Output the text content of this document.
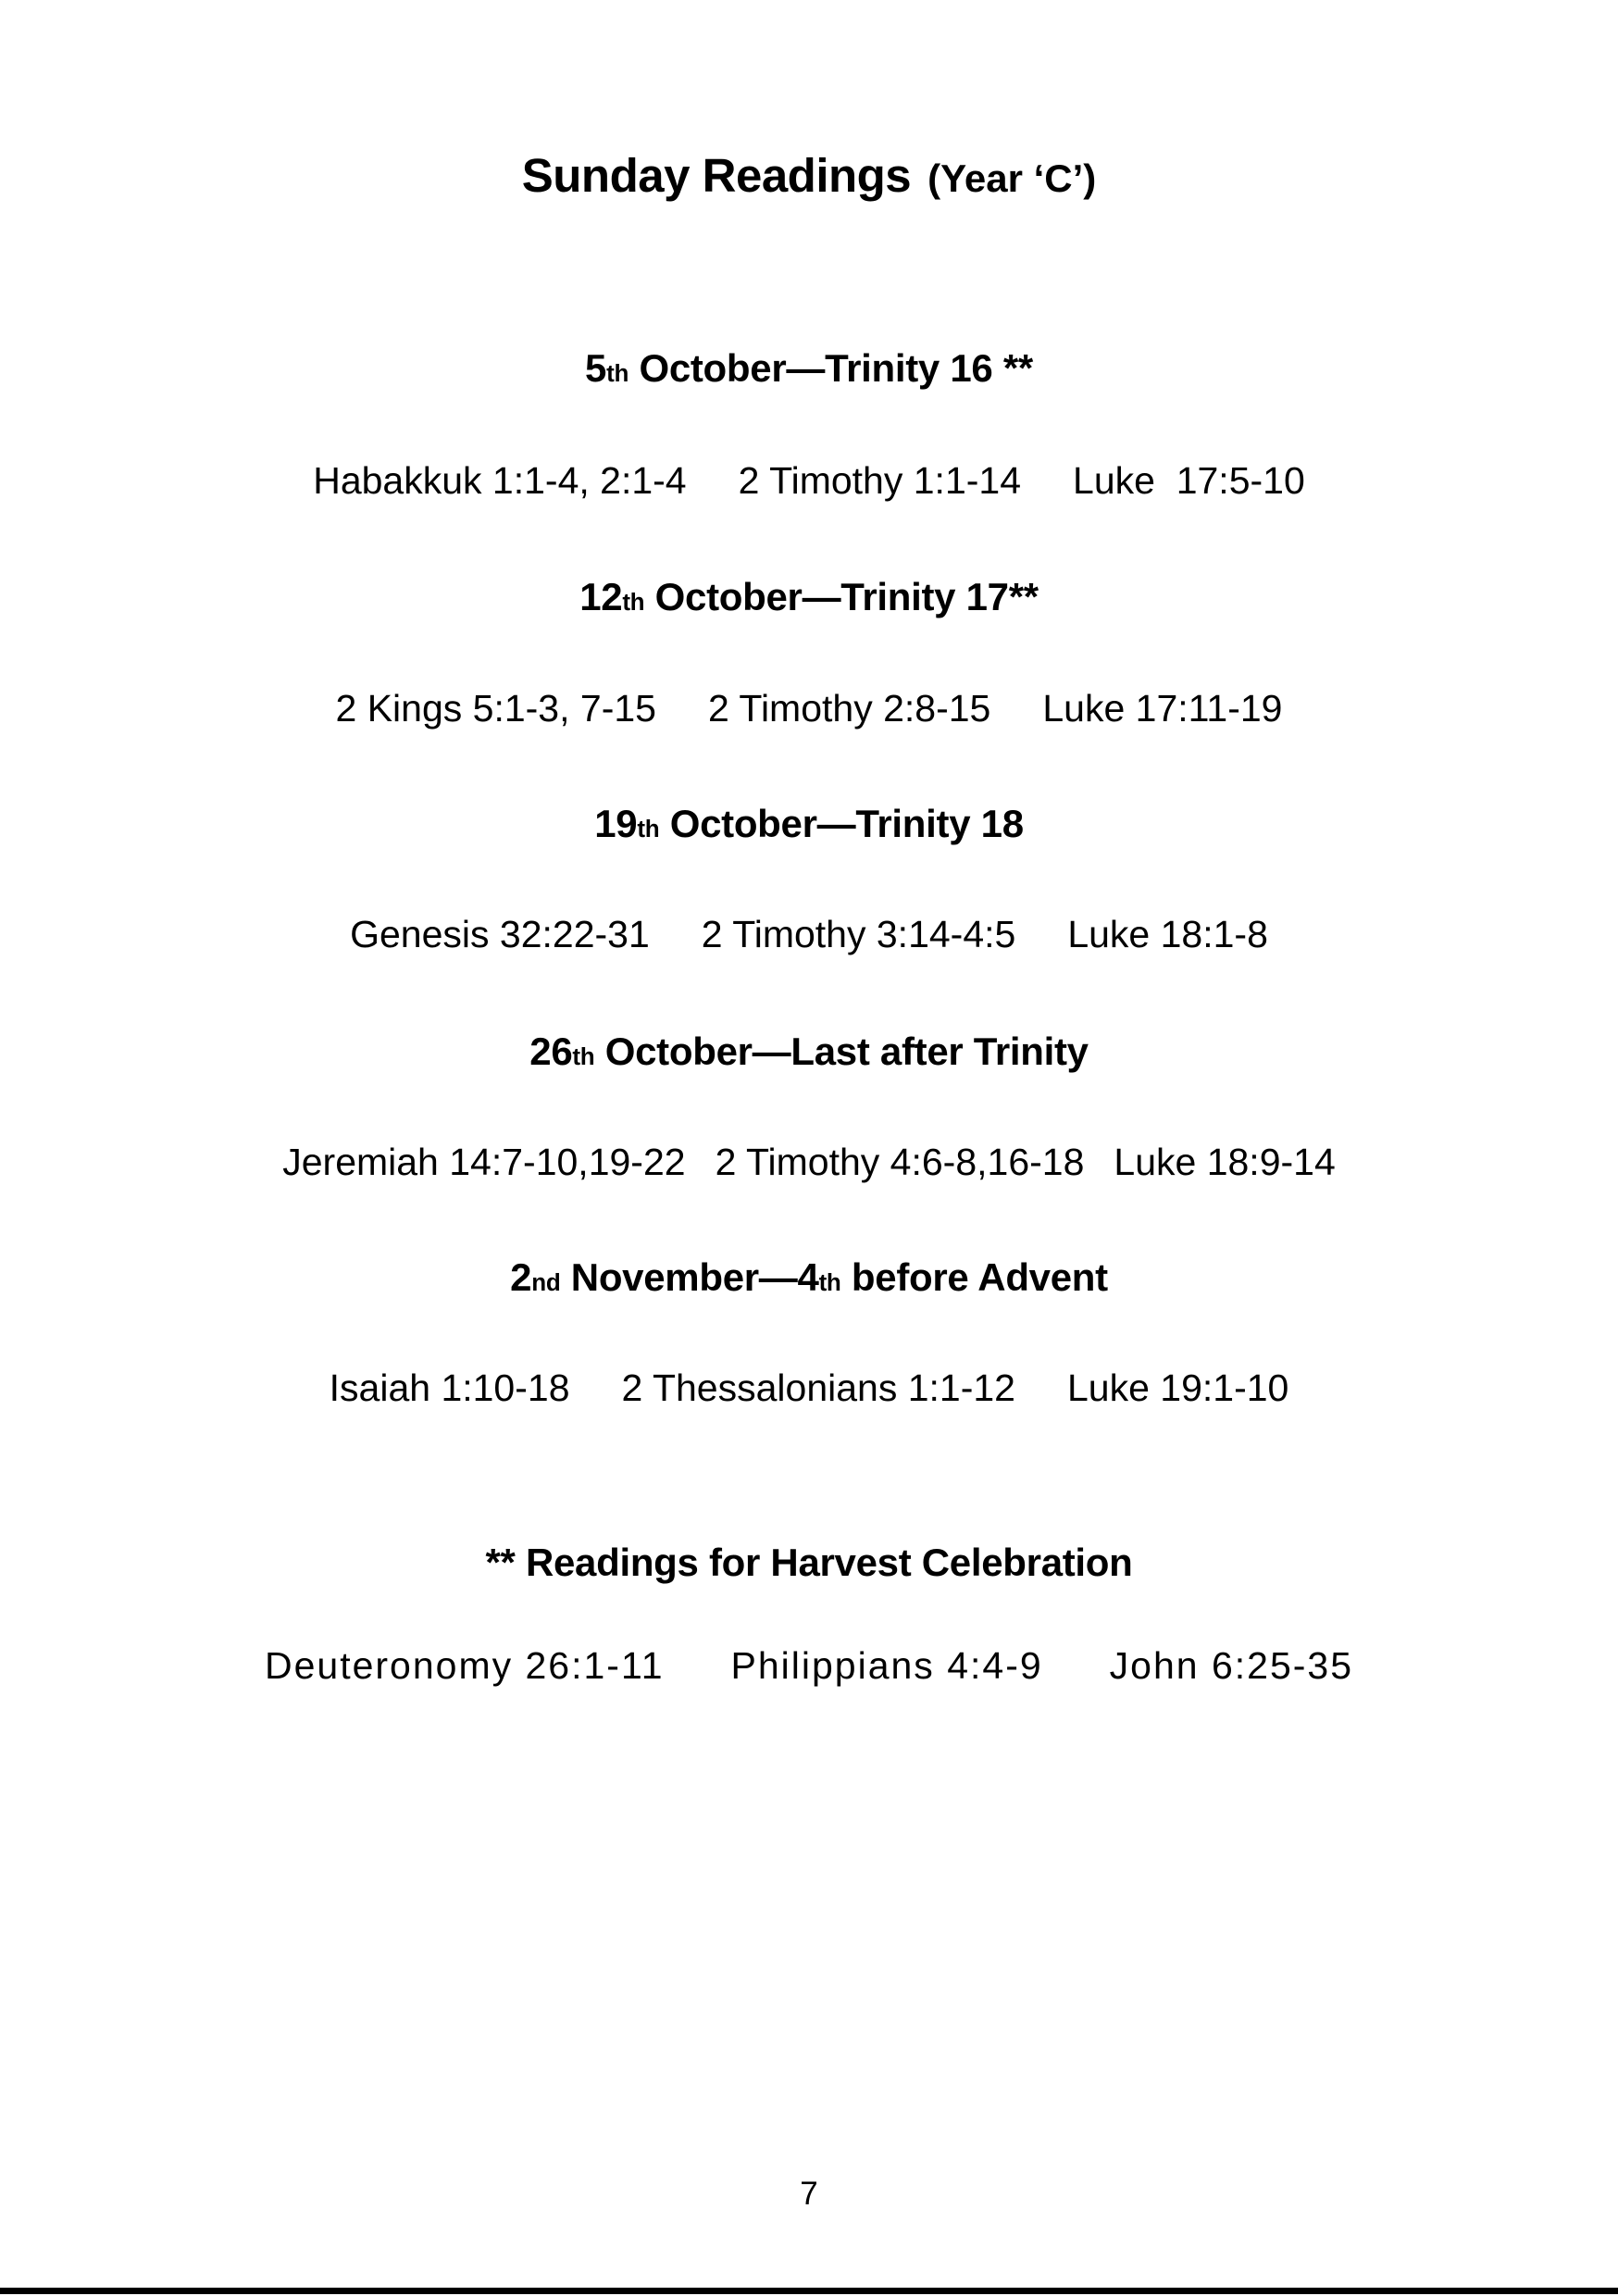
Sunday Readings (Year ‘C’)
5 th October—Trinity 16 **
Habakkuk 1:1-4, 2:1-4 2 Timothy 1:1-14 Luke  17:5-10
12 th October—Trinity 17**
2 Kings 5:1-3, 7-15 2 Timothy 2:8-15 Luke 17:11-19
19 th October—Trinity 18
Genesis 32:22-31 2 Timothy 3:14-4:5 Luke 18:1-8
26 th October—Last after Trinity
Jeremiah 14:7-10,19-22 2 Timothy 4:6-8,16-18 Luke 18:9-14
2 nd November—4 th before Advent
Isaiah 1:10-18 2 Thessalonians 1:1-12 Luke 19:1-10
** Readings for Harvest Celebration
Deuteronomy 26:1-11 Philippians 4:4-9 John 6:25-35
7
